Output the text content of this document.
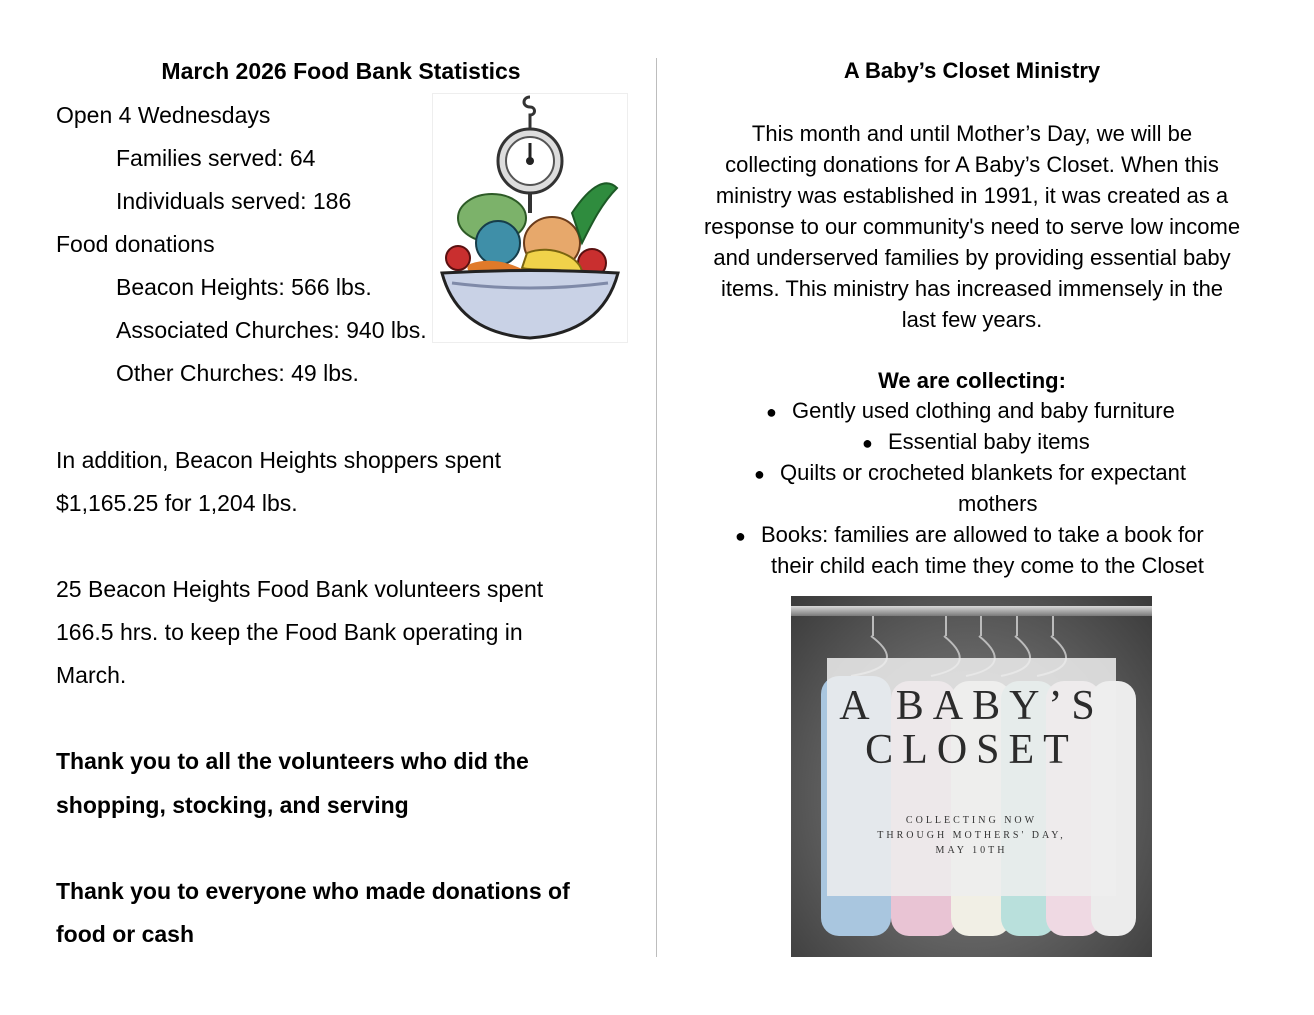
March 2026 Food Bank Statistics
Open 4 Wednesdays
Families served: 64
Individuals served: 186
Food donations
Beacon Heights: 566 lbs.
Associated Churches: 940 lbs.
Other Churches: 49 lbs.
In addition, Beacon Heights shoppers spent
$1,165.25 for 1,204 lbs.
25 Beacon Heights Food Bank volunteers spent
166.5 hrs. to keep the Food Bank operating in
March.
Thank you to all the volunteers who did the
shopping, stocking, and serving
Thank you to everyone who made donations of
food or cash
A Baby’s Closet Ministry
This month and until Mother’s Day, we will be
collecting donations for A Baby’s Closet. When this
ministry was established in 1991, it was created as a
response to our community's need to serve low income
and underserved families by providing essential baby
items. This ministry has increased immensely in the
last few years.
We are collecting:
● Gently used clothing and baby furniture
● Essential baby items
● Quilts or crocheted blankets for expectant
mothers
● Books: families are allowed to take a book for
their child each time they come to the Closet
A BABY’S
CLOSET
COLLECTING NOW
THROUGH MOTHERS' DAY,
MAY 10TH
